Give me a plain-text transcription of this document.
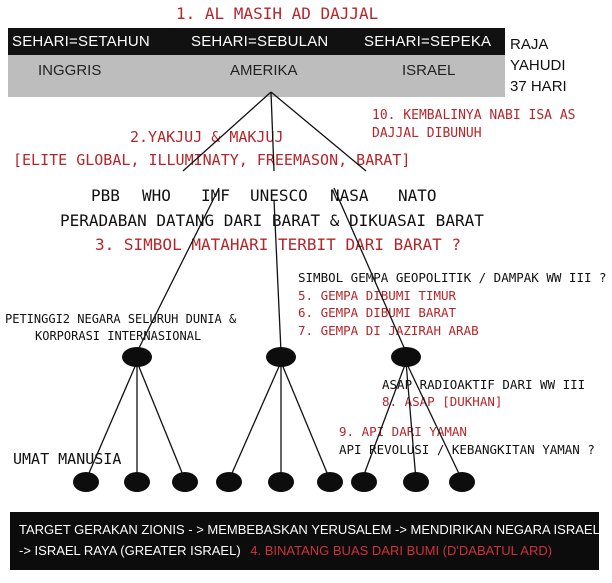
1. AL MASIH AD DAJJAL
SEHARI=SETAHUN	SEHARI=SEBULAN SEHARI=SEPEKA
INGGRIS	AMERIKA	ISRAEL
RAJA
YAHUDI
37 HARI
10. KEMBALINYA NABI ISA AS
DAJJAL DIBUNUH
2.YAKJUJ & MAKJUJ
[ELITE GLOBAL, ILLUMINATY, FREEMASON, BARAT]
PBB WHO IMF UNESCO NASA NATO
PERADABAN DATANG DARI BARAT & DIKUASAI BARAT
3. SIMBOL MATAHARI TERBIT DARI BARAT ?
SIMBOL GEMPA GEOPOLITIK / DAMPAK WW III ?
5. GEMPA DIBUMI TIMUR
6. GEMPA DIBUMI BARAT
7. GEMPA DI JAZIRAH ARAB
PETINGGI2 NEGARA SELURUH DUNIA &
KORPORASI INTERNASIONAL
ASAP RADIOAKTIF DARI WW III
8. ASAP [DUKHAN]
9. API DARI YAMAN
API REVOLUSI / KEBANGKITAN YAMAN ?
UMAT MANUSIA
TARGET GERAKAN ZIONIS - > MEMBEBASKAN YERUSALEM -> MENDIRIKAN NEGARA ISRAEL
-> ISRAEL RAYA (GREATER ISRAEL) 4. BINATANG BUAS DARI BUMI (D'DABATUL ARD)
